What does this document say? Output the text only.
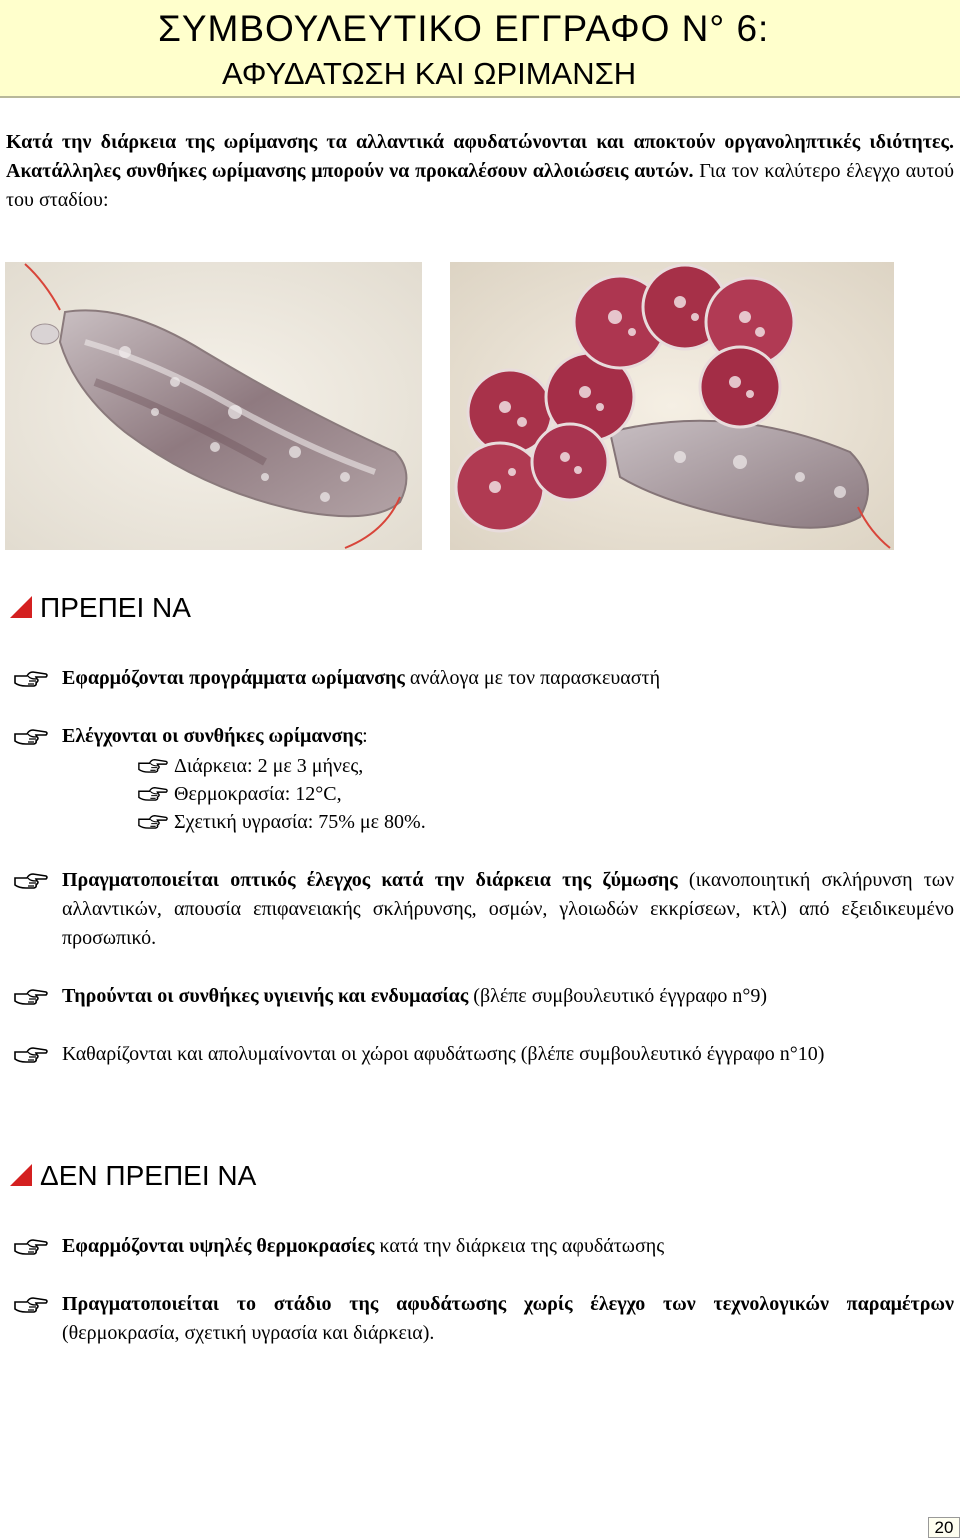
ΣΥΜΒΟΥΛΕΥΤΙΚΟ ΕΓΓΡΑΦΟ Ν° 6:
ΑΦΥΔΑΤΩΣΗ ΚΑΙ ΩΡΙΜΑΝΣΗ
Κατά την διάρκεια της ωρίμανσης τα αλλαντικά αφυδατώνονται και αποκτούν οργανοληπτικές ιδιότητες. Ακατάλληλες συνθήκες ωρίμανσης μπορούν να προκαλέσουν αλλοιώσεις αυτών. Για τον καλύτερο έλεγχο αυτού του σταδίου:
ΠΡΕΠΕΙ ΝΑ
Εφαρμόζονται προγράμματα ωρίμανσης ανάλογα με τον παρασκευαστή
Ελέγχονται οι συνθήκες ωρίμανσης:
Διάρκεια: 2 με 3 μήνες,
Θερμοκρασία: 12°C,
Σχετική υγρασία: 75% με 80%.
Πραγματοποιείται οπτικός έλεγχος κατά την διάρκεια της ζύμωσης (ικανοποιητική σκλήρυνση των αλλαντικών, απουσία επιφανειακής σκλήρυνσης, οσμών, γλοιωδών εκκρίσεων, κτλ) από εξειδικευμένο προσωπικό.
Τηρούνται οι συνθήκες υγιεινής και ενδυμασίας (βλέπε συμβουλευτικό έγγραφο n°9)
Καθαρίζονται και απολυμαίνονται οι χώροι αφυδάτωσης (βλέπε συμβουλευτικό έγγραφο n°10)
ΔΕΝ ΠΡΕΠΕΙ ΝΑ
Εφαρμόζονται υψηλές θερμοκρασίες κατά την διάρκεια της αφυδάτωσης
Πραγματοποιείται το στάδιο της αφυδάτωσης χωρίς έλεγχο των τεχνολογικών παραμέτρων (θερμοκρασία, σχετική υγρασία και διάρκεια).
20
